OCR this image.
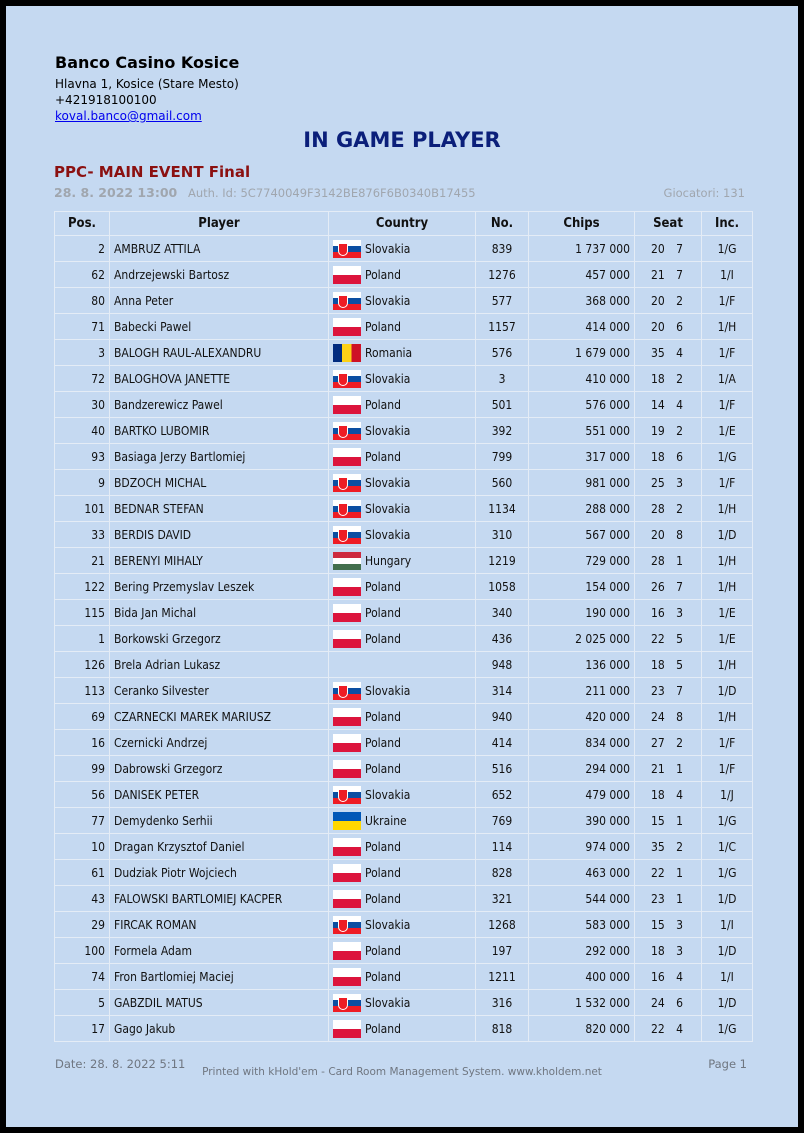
Banco Casino Kosice
Hlavna 1, Kosice (Stare Mesto)
+421918100100
koval.banco@gmail.com
IN GAME PLAYER
PPC- MAIN EVENT Final
28. 8. 2022 13:00 Auth. Id: 5C7740049F3142BE876F6B0340B17455	Giocatori: 131
Pos.	Player	Country	No.	Chips	Seat	Inc.
2	AMBRUZ ATTILA	Slovakia	839	1 737 000	20 7	1/G
62	Andrzejewski Bartosz	Poland	1276	457 000	21 7	1/I
80	Anna Peter	Slovakia	577	368 000	20 2	1/F
71	Babecki Pawel	Poland	1157	414 000	20 6	1/H
3	BALOGH RAUL-ALEXANDRU	Romania	576	1 679 000	35 4	1/F
72	BALOGHOVA JANETTE	Slovakia	3	410 000	18 2	1/A
30	Bandzerewicz Pawel	Poland	501	576 000	14 4	1/F
40	BARTKO LUBOMIR	Slovakia	392	551 000	19 2	1/E
93	Basiaga Jerzy Bartlomiej	Poland	799	317 000	18 6	1/G
9	BDZOCH MICHAL	Slovakia	560	981 000	25 3	1/F
101	BEDNAR STEFAN	Slovakia	1134	288 000	28 2	1/H
33	BERDIS DAVID	Slovakia	310	567 000	20 8	1/D
21	BERENYI MIHALY	Hungary	1219	729 000	28 1	1/H
122	Bering Przemyslav Leszek	Poland	1058	154 000	26 7	1/H
115	Bida Jan Michal	Poland	340	190 000	16 3	1/E
1	Borkowski Grzegorz	Poland	436	2 025 000	22 5	1/E
126	Brela Adrian Lukasz		948	136 000	18 5	1/H
113	Ceranko Silvester	Slovakia	314	211 000	23 7	1/D
69	CZARNECKI MAREK MARIUSZ	Poland	940	420 000	24 8	1/H
16	Czernicki Andrzej	Poland	414	834 000	27 2	1/F
99	Dabrowski Grzegorz	Poland	516	294 000	21 1	1/F
56	DANISEK PETER	Slovakia	652	479 000	18 4	1/J
77	Demydenko Serhii	Ukraine	769	390 000	15 1	1/G
10	Dragan Krzysztof Daniel	Poland	114	974 000	35 2	1/C
61	Dudziak Piotr Wojciech	Poland	828	463 000	22 1	1/G
43	FALOWSKI BARTLOMIEJ KACPER	Poland	321	544 000	23 1	1/D
29	FIRCAK ROMAN	Slovakia	1268	583 000	15 3	1/I
100	Formela Adam	Poland	197	292 000	18 3	1/D
74	Fron Bartlomiej Maciej	Poland	1211	400 000	16 4	1/I
5	GABZDIL MATUS	Slovakia	316	1 532 000	24 6	1/D
17	Gago Jakub	Poland	818	820 000	22 4	1/G
Date: 28. 8. 2022 5:11
Printed with kHold'em - Card Room Management System. www.kholdem.net
Page 1
